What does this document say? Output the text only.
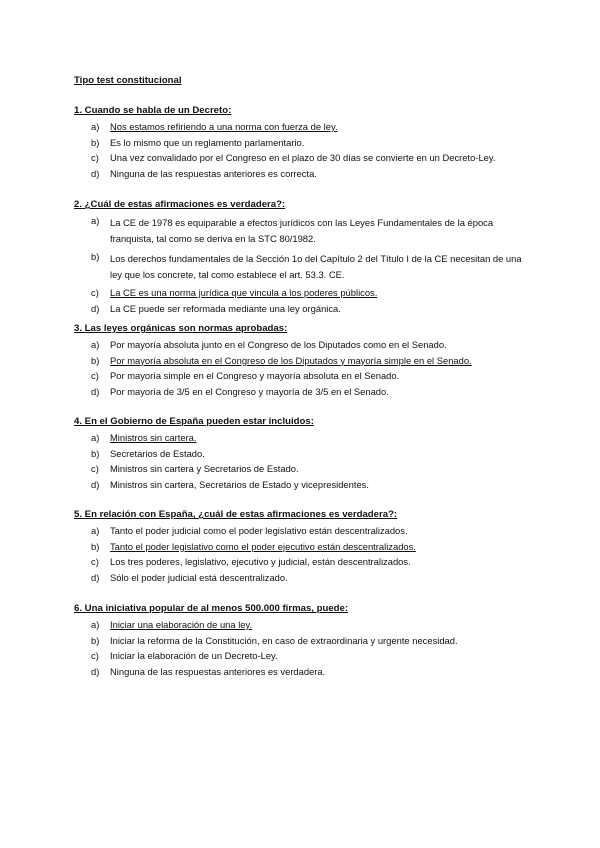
Tipo test constitucional
1. Cuando se habla de un Decreto:
a)	Nos estamos refiriendo a una norma con fuerza de ley.
b)	Es lo mismo que un reglamento parlamentario.
c)	Una vez convalidado por el Congreso en el plazo de 30 días se convierte en un Decreto-Ley.
d)	Ninguna de las respuestas anteriores es correcta.
2. ¿Cuál de estas afirmaciones es verdadera?:
a)	La CE de 1978 es equiparable a efectos jurídicos con las Leyes Fundamentales de la época franquista, tal como se deriva en la STC 80/1982.
b)	Los derechos fundamentales de la Sección 1o del Capítulo 2 del Título I de la CE necesitan de una ley que los concrete, tal como establece el art. 53.3. CE.
c)	La CE es una norma jurídica que vincula a los poderes públicos.
d)	La CE puede ser reformada mediante una ley orgánica.
3. Las leyes orgánicas son normas aprobadas:
a)	Por mayoría absoluta junto en el Congreso de los Diputados como en el Senado.
b)	Por mayoría absoluta en el Congreso de los Diputados y mayoría simple en el Senado.
c)	Por mayoría simple en el Congreso y mayoría absoluta en el Senado.
d)	Por mayoría de 3/5 en el Congreso y mayoría de 3/5 en el Senado.
4. En el Gobierno de España pueden estar incluidos:
a)	Ministros sin cartera.
b)	Secretarios de Estado.
c)	Ministros sin cartera y Secretarios de Estado.
d)	Ministros sin cartera, Secretarios de Estado y vicepresidentes.
5. En relación con España, ¿cuál de estas afirmaciones es verdadera?:
a)	Tanto el poder judicial como el poder legislativo están descentralizados.
b)	Tanto el poder legislativo como el poder ejecutivo están descentralizados.
c)	Los tres poderes, legislativo, ejecutivo y judicial, están descentralizados.
d)	Sólo el poder judicial está descentralizado.
6. Una iniciativa popular de al menos 500.000 firmas, puede:
a)	Iniciar una elaboración de una ley.
b)	Iniciar la reforma de la Constitución, en caso de extraordinaria y urgente necesidad.
c)	Iniciar la elaboración de un Decreto-Ley.
d)	Ninguna de las respuestas anteriores es verdadera.
